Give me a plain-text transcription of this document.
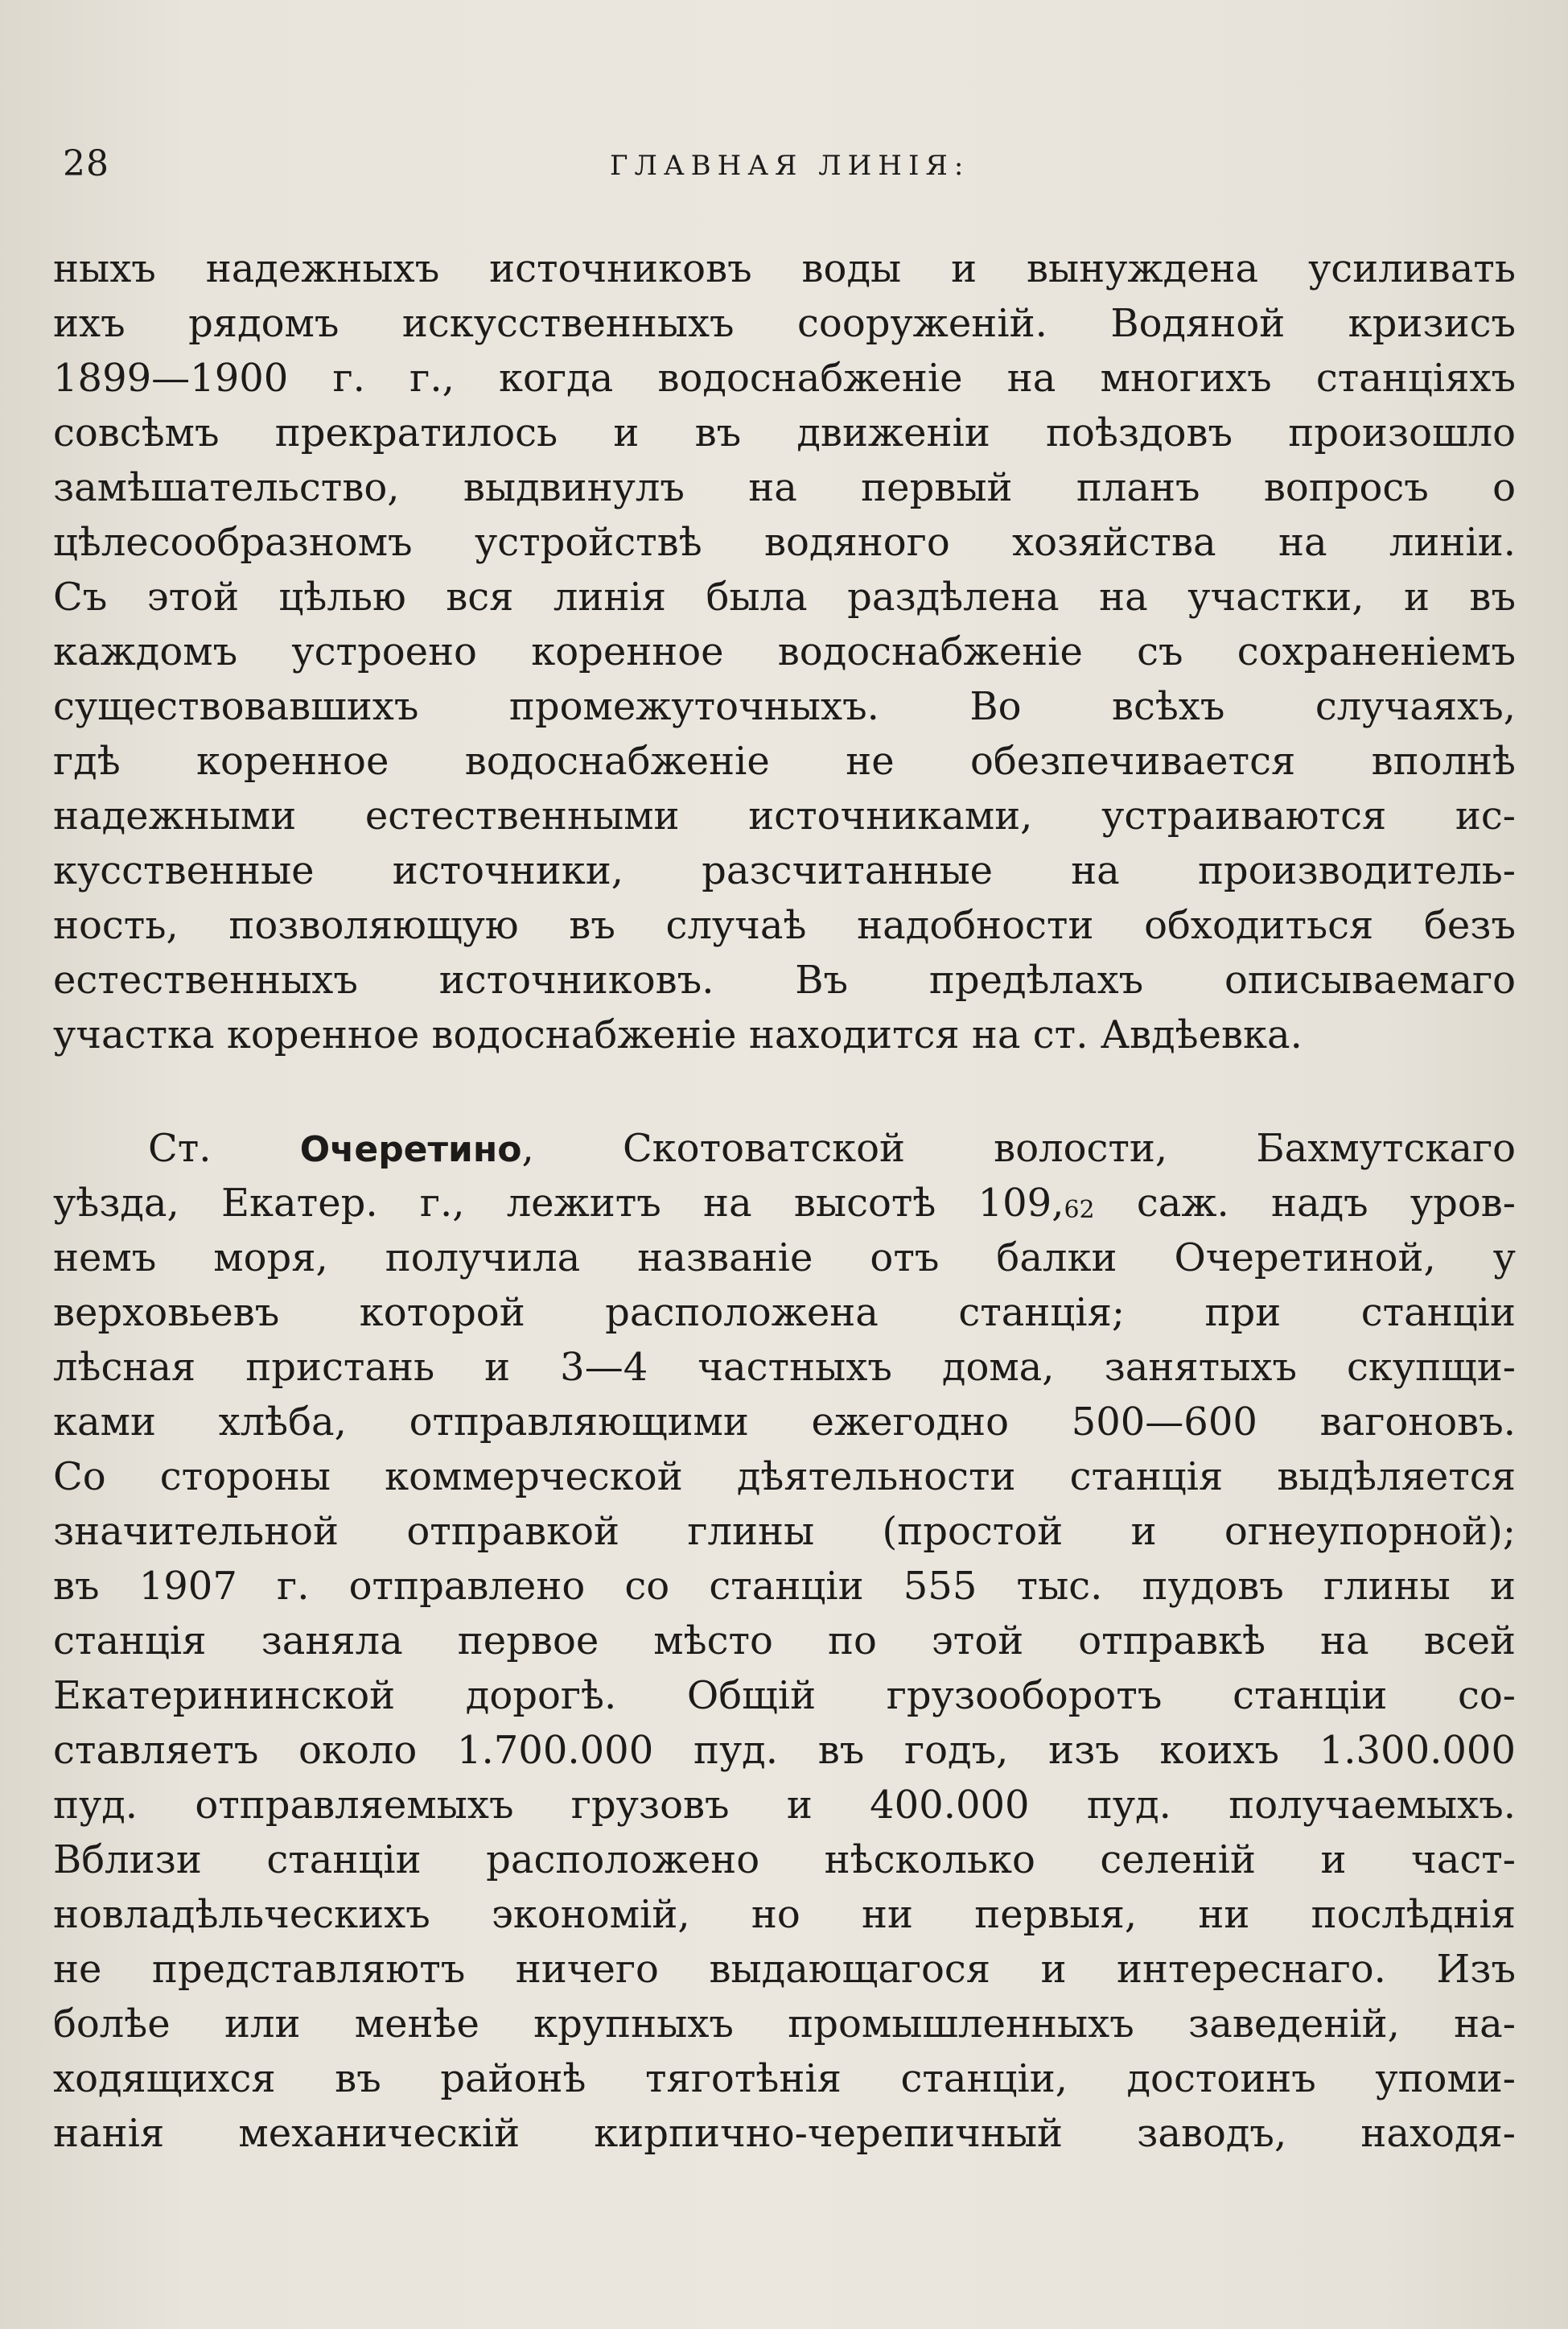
28	ГЛАВНАЯ ЛИНІЯ:
ныхъ надежныхъ источниковъ воды и вынуждена усиливать
ихъ рядомъ искусственныхъ сооруженій. Водяной кризисъ
1899—1900 г. г., когда водоснабженіе на многихъ станціяхъ
совсѣмъ прекратилось и въ движеніи поѣздовъ произошло
замѣшательство, выдвинулъ на первый планъ вопросъ о
цѣлесообразномъ устройствѣ водяного хозяйства на линіи.
Съ этой цѣлью вся линія была раздѣлена на участки, и въ
каждомъ устроено коренное водоснабженіе съ сохраненіемъ
существовавшихъ промежуточныхъ. Во всѣхъ случаяхъ,
гдѣ коренное водоснабженіе не обезпечивается вполнѣ
надежными естественными источниками, устраиваются ис-
кусственные источники, разсчитанные на производитель-
ность, позволяющую въ случаѣ надобности обходиться безъ
естественныхъ источниковъ. Въ предѣлахъ описываемаго
участка коренное водоснабженіе находится на ст. Авдѣевка.
Ст.	Очеретино, Скотоватской волости, Бахмутскаго
уѣзда, Екатер. г., лежитъ на высотѣ 109,62 саж. надъ уров-
немъ моря, получила названіе отъ балки Очеретиной, у
верховьевъ которой расположена станція; при станціи
лѣсная пристань и 3—4 частныхъ дома, занятыхъ скупщи-
ками хлѣба, отправляющими ежегодно 500—600 вагоновъ.
Со стороны коммерческой дѣятельности станція выдѣляется
значительной отправкой глины (простой и огнеупорной);
въ 1907 г. отправлено со станціи 555 тыс. пудовъ глины и
станція заняла первое мѣсто по этой отправкѣ на всей
Екатерининской дорогѣ. Общій грузооборотъ станціи со-
ставляетъ около 1.700.000 пуд. въ годъ, изъ коихъ 1.300.000
пуд. отправляемыхъ грузовъ и 400.000 пуд. получаемыхъ.
Вблизи станціи расположено нѣсколько селеній и част-
новладѣльческихъ экономій, но ни первыя, ни послѣднія
не представляютъ ничего выдающагося и интереснаго. Изъ
болѣе или менѣе крупныхъ промышленныхъ заведеній, на-
ходящихся въ районѣ тяготѣнія станціи, достоинъ упоми-
нанія механическій кирпично-черепичный заводъ, находя-
